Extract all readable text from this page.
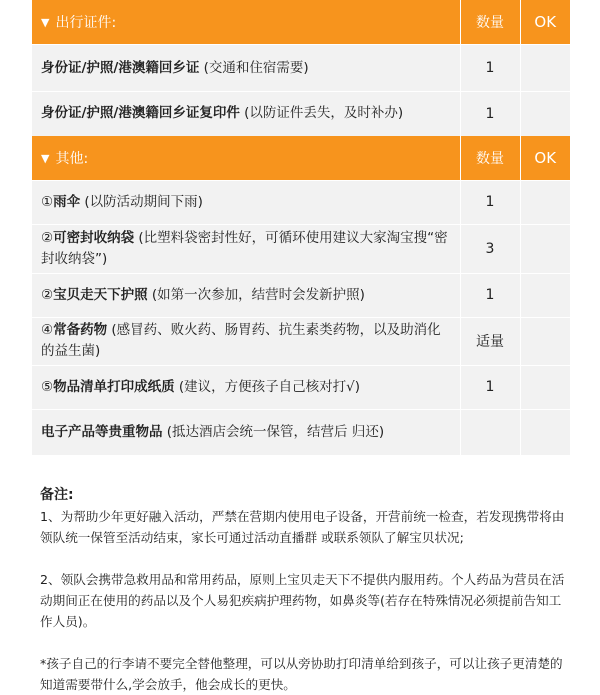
▼ 出行证件:	数量	OK
身份证/护照/港澳籍回乡证 (交通和住宿需要)	1	
身份证/护照/港澳籍回乡证复印件 (以防证件丢失，及时补办)	1	
▼ 其他:	数量	OK
①雨伞 (以防活动期间下雨)	1	
②可密封收纳袋 (比塑料袋密封性好，可循环使用建议大家淘宝搜“密封收纳袋”)	3	
②宝贝走天下护照 (如第一次参加，结营时会发新护照)	1	
④常备药物 (感冒药、败火药、肠胃药、抗生素类药物，以及助消化的益生菌)	适量	
⑤物品清单打印成纸质 (建议，方便孩子自己核对打√)	1	
电子产品等贵重物品 (抵达酒店会统一保管，结营后 归还)		
备注:

1、为帮助少年更好融入活动，严禁在营期内使用电子设备，开营前统一检查，若发现携带将由领队统一保管至活动结束，家长可通过活动直播群 或联系领队了解宝贝状况;

2、领队会携带急救用品和常用药品，原则上宝贝走天下不提供内服用药。个人药品为营员在活动期间正在使用的药品以及个人易犯疾病护理药物，如鼻炎等(若存在特殊情况必须提前告知工作人员)。

*孩子自己的行李请不要完全替他整理，可以从旁协助打印清单给到孩子，可以让孩子更清楚的知道需要带什么,学会放手，他会成长的更快。
